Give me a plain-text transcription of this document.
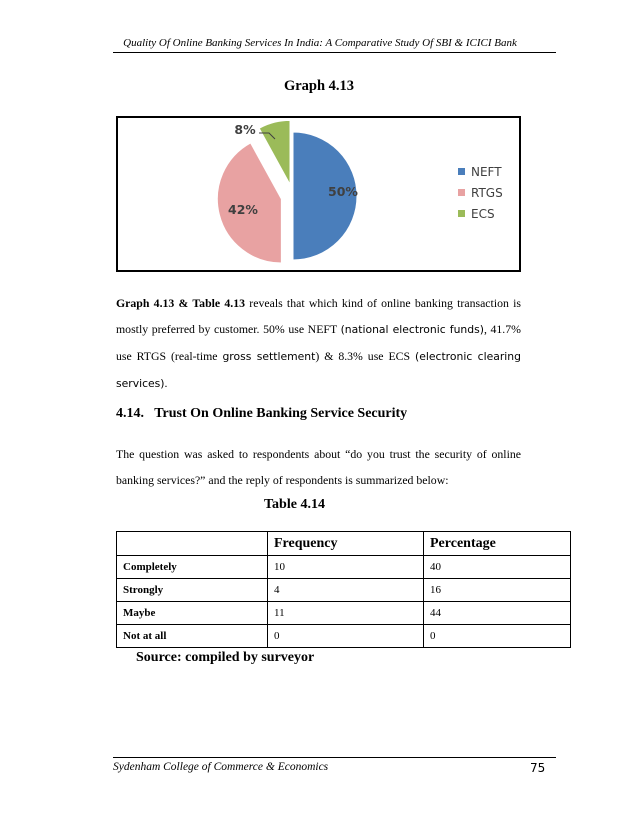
Quality Of Online Banking Services In India: A Comparative Study Of SBI & ICICI Bank
Graph 4.13
50%
42%
8%
NEFT
RTGS
ECS
Graph 4.13 & Table 4.13 reveals that which kind of online banking transaction is mostly preferred by customer. 50% use NEFT (national electronic funds), 41.7% use RTGS (real-time gross settlement) & 8.3% use ECS (electronic clearing services).
4.14.   Trust On Online Banking Service Security
The question was asked to respondents about “do you trust the security of online banking services?” and the reply of respondents is summarized below:
Table 4.14
	Frequency	Percentage
Completely	10	40
Strongly	4	16
Maybe	11	44
Not at all	0	0
Source: compiled by surveyor
Sydenham College of Commerce & Economics	75
